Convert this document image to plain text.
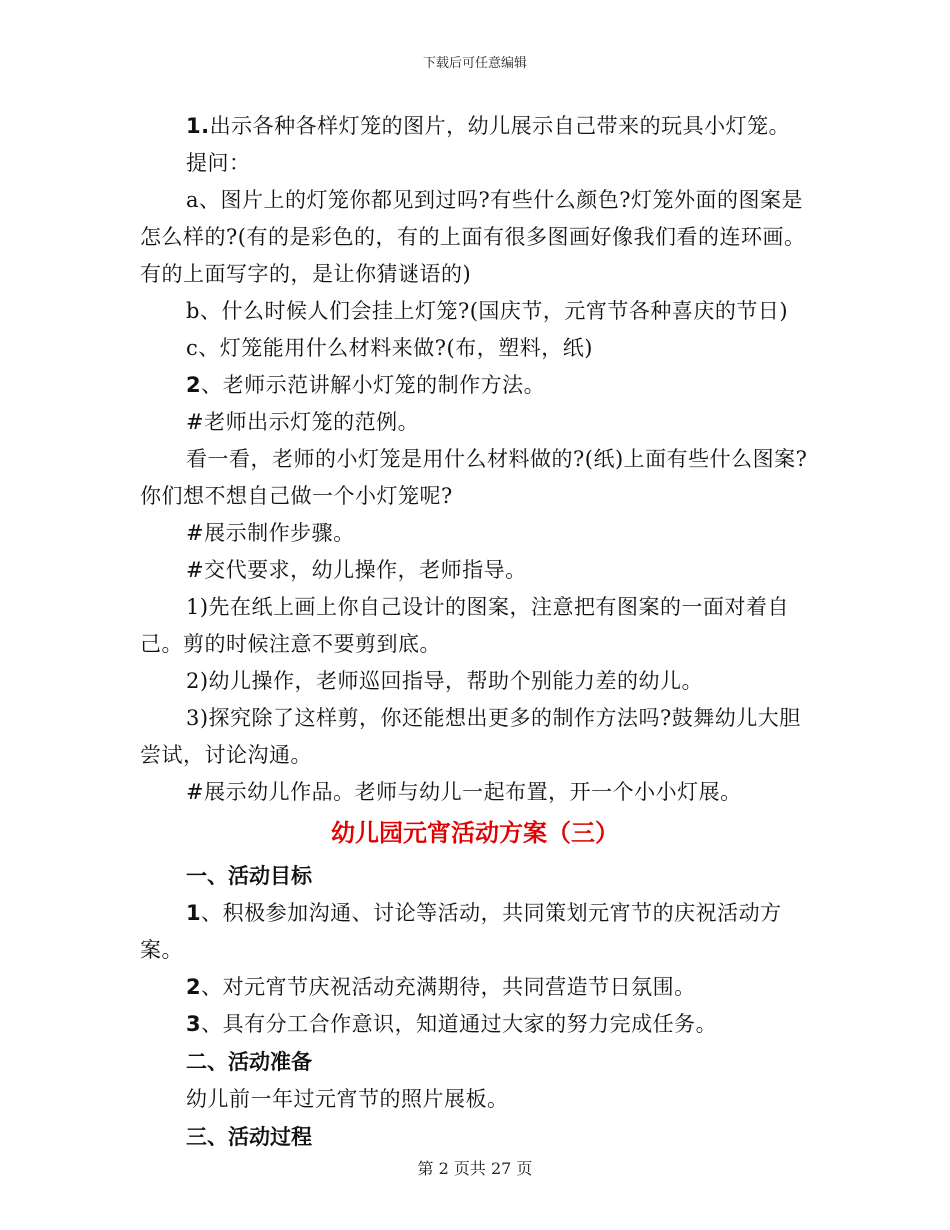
下载后可任意编辑

1.出示各种各样灯笼的图片，幼儿展示自己带来的玩具小灯笼。

提问：

a、图片上的灯笼你都见到过吗?有些什么颜色?灯笼外面的图案是怎么样的?(有的是彩色的，有的上面有很多图画好像我们看的连环画。有的上面写字的，是让你猜谜语的)

b、什么时候人们会挂上灯笼?(国庆节，元宵节各种喜庆的节日)

c、灯笼能用什么材料来做?(布，塑料，纸)

2、老师示范讲解小灯笼的制作方法。

#老师出示灯笼的范例。

看一看，老师的小灯笼是用什么材料做的?(纸)上面有些什么图案?你们想不想自己做一个小灯笼呢?

#展示制作步骤。

#交代要求，幼儿操作，老师指导。

1)先在纸上画上你自己设计的图案，注意把有图案的一面对着自己。剪的时候注意不要剪到底。

2)幼儿操作，老师巡回指导，帮助个别能力差的幼儿。

3)探究除了这样剪，你还能想出更多的制作方法吗?鼓舞幼儿大胆尝试，讨论沟通。

#展示幼儿作品。老师与幼儿一起布置，开一个小小灯展。

幼儿园元宵活动方案（三）

一、活动目标

1、积极参加沟通、讨论等活动，共同策划元宵节的庆祝活动方案。

2、对元宵节庆祝活动充满期待，共同营造节日氛围。

3、具有分工合作意识，知道通过大家的努力完成任务。

二、活动准备

幼儿前一年过元宵节的照片展板。

三、活动过程

第 2 页共 27 页
